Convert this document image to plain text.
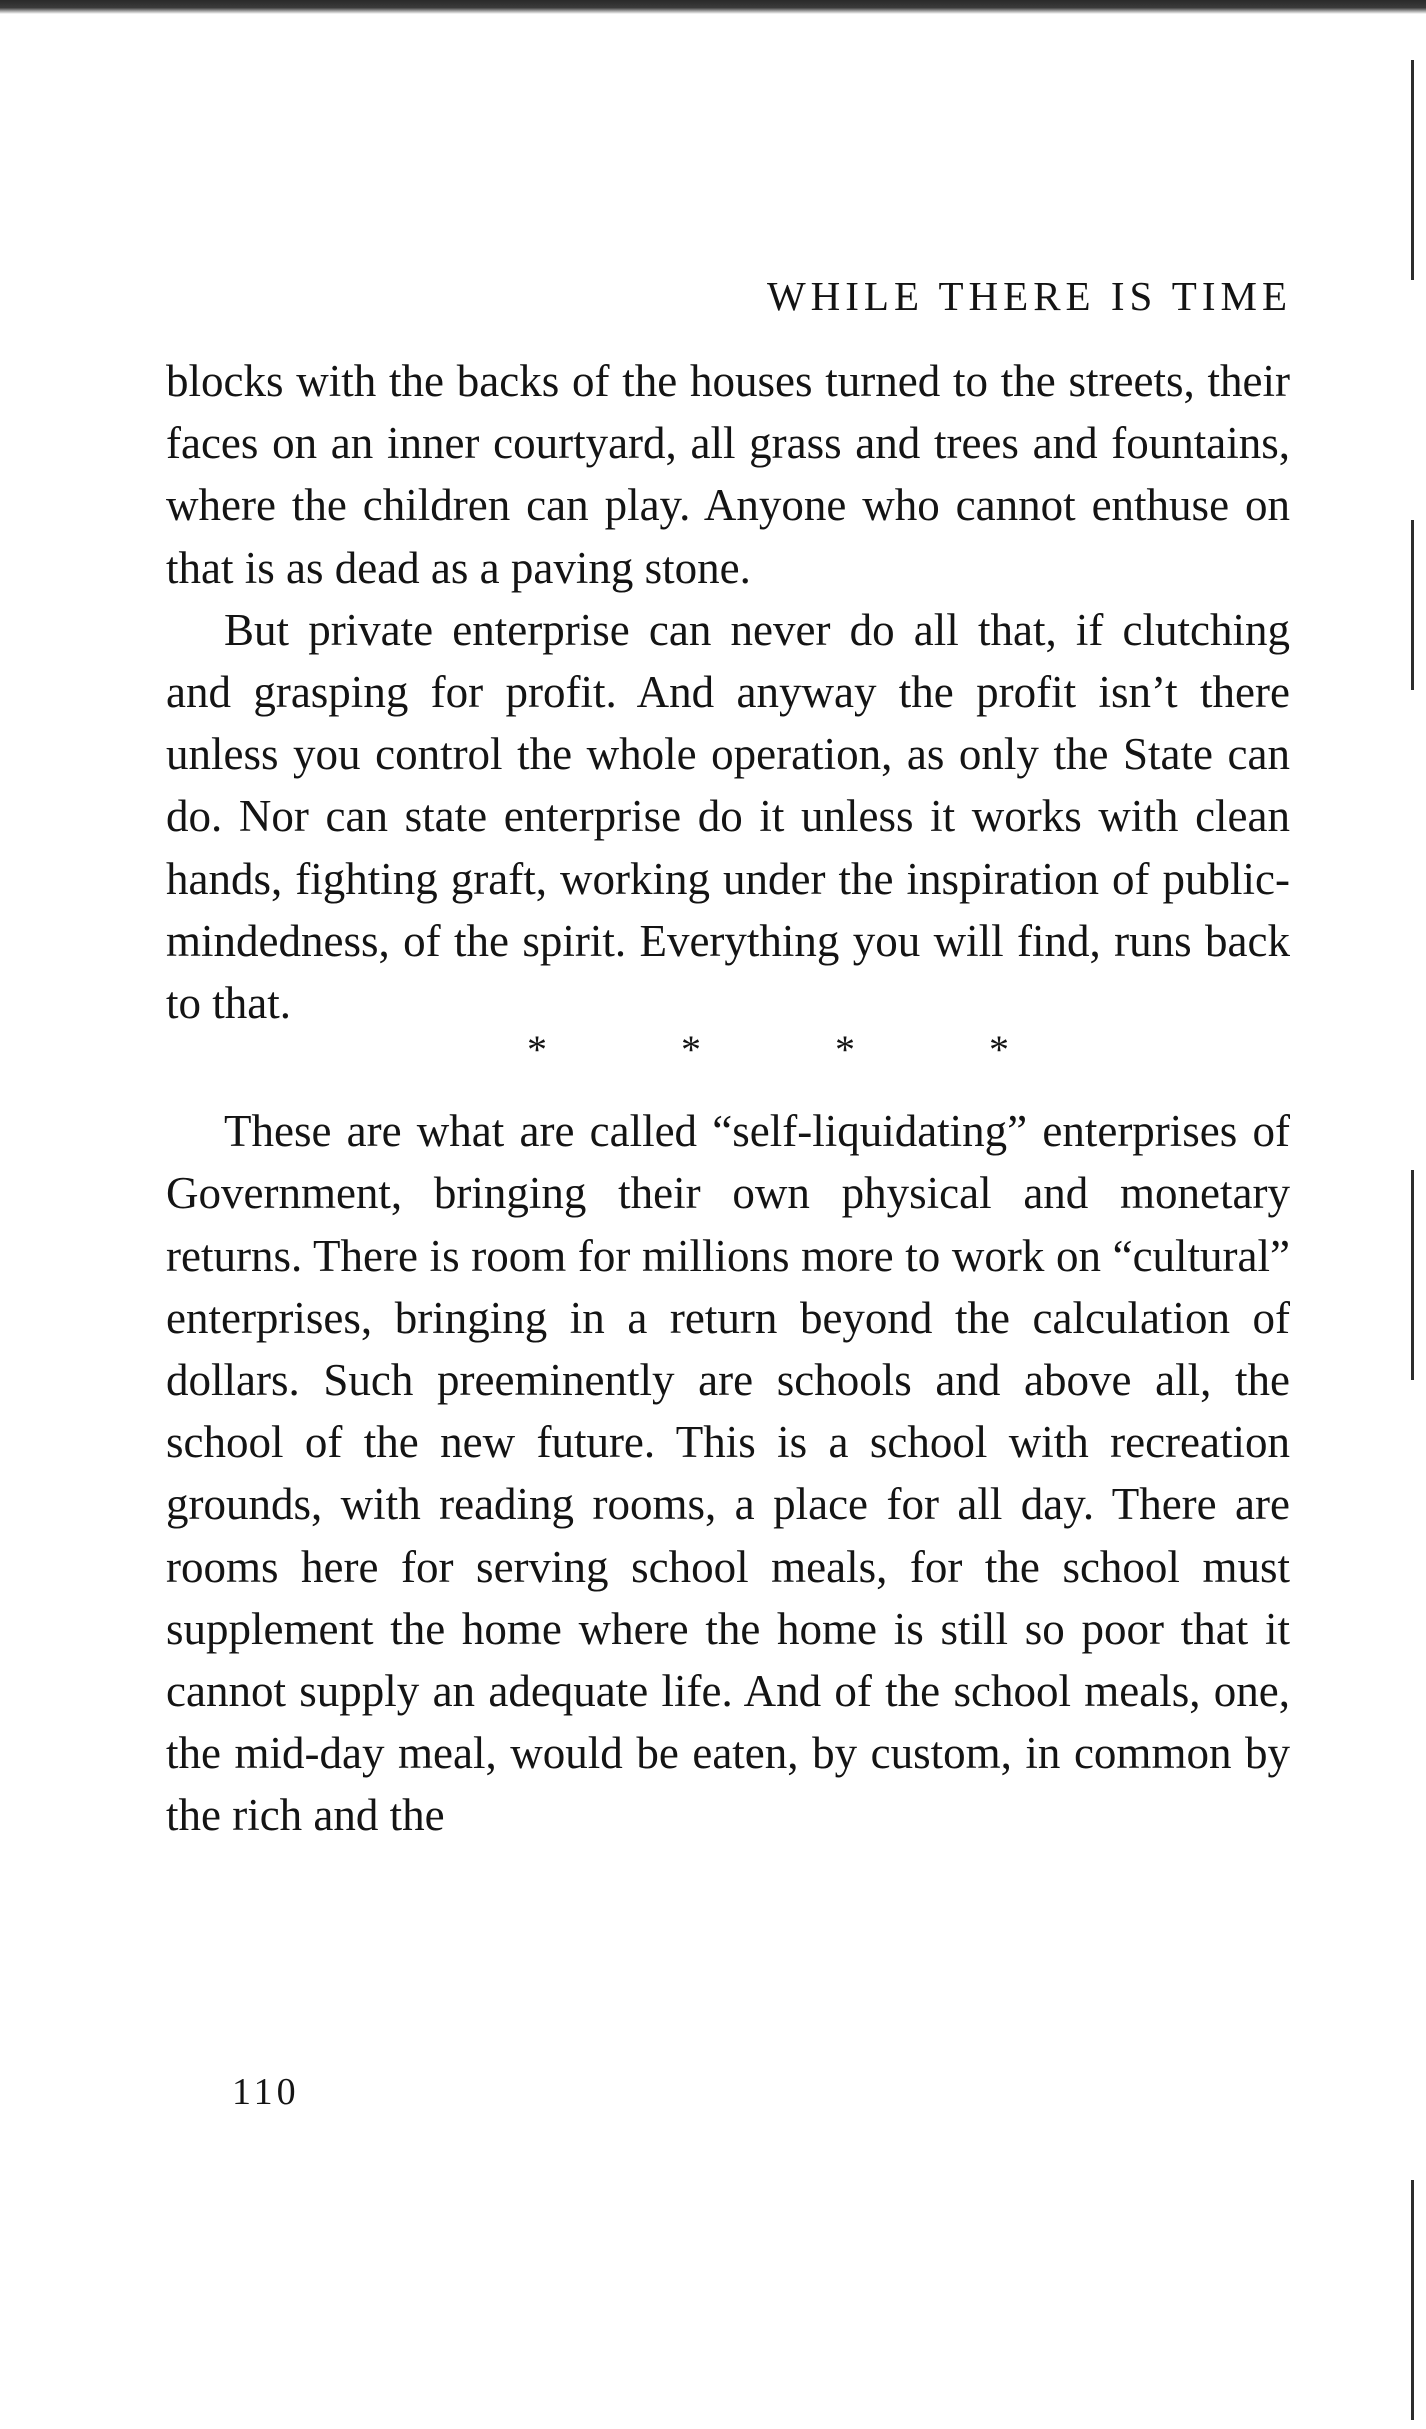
WHILE THERE IS TIME

blocks with the backs of the houses turned to the streets, their faces on an inner courtyard, all grass and trees and fountains, where the children can play. Anyone who cannot enthuse on that is as dead as a paving stone.

But private enterprise can never do all that, if clutching and grasping for profit. And anyway the profit isn’t there unless you control the whole operation, as only the State can do. Nor can state enterprise do it unless it works with clean hands, fighting graft, working under the inspiration of public-mindedness, of the spirit. Everything you will find, runs back to that.

* * * *

These are what are called “self-liquidating” enterprises of Government, bringing their own physical and monetary returns. There is room for millions more to work on “cultural” enterprises, bringing in a return beyond the calculation of dollars. Such preeminently are schools and above all, the school of the new future. This is a school with recreation grounds, with reading rooms, a place for all day. There are rooms here for serving school meals, for the school must supplement the home where the home is still so poor that it cannot supply an adequate life. And of the school meals, one, the mid-day meal, would be eaten, by custom, in common by the rich and the

110
